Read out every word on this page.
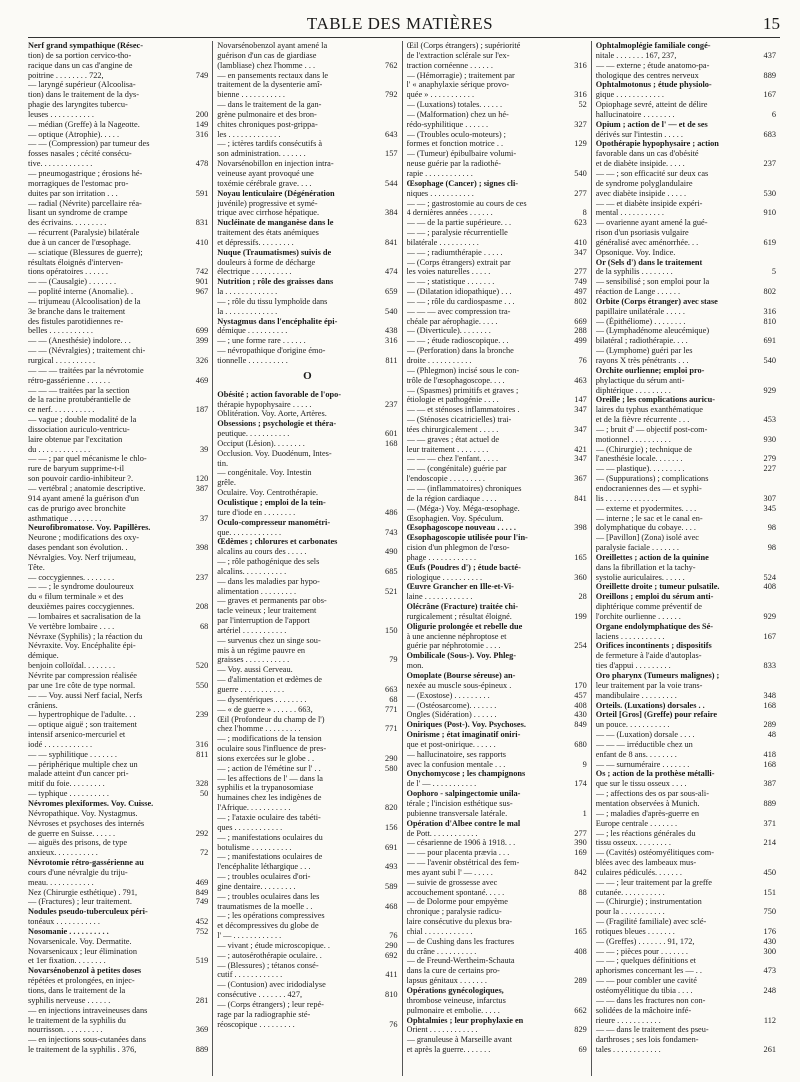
TABLE DES MATIÈRES	15
Nerf grand sympathique (Résec-
tion) de sa portion cervico-tho-
racique dans un cas d'angine de
poitrine . . . . . . . . 722,	749
— laryngé supérieur (Alcoolisa-
tion) dans le traitement de la dys-
phagie des laryngites tubercu-
leuses . . . . . . . . . . .	200
— médian (Greffe) à la Nageotte.	149
— optique (Atrophie). . . . .	316
— — (Compression) par tumeur des
fosses nasales ; cécité consécu-
tive. . . . . . . . . . . . .	478
— pneumogastrique ; érosions hé-
morragiques de l'estomac pro-
duites par son irritation . . .	591
— radial (Névrite) parcellaire réa-
lisant un syndrome de crampe
des écrivains. . . . . . . . .	831
— récurrent (Paralysie) bilatérale
due à un cancer de l'œsophage.	410
— sciatique (Blessures de guerre);
résultats éloignés d'interven-
tions opératoires . . . . . .	742
— — (Causalgie) . . . . . . .	901
— poplité interne (Anomalie). .	967
— trijumeau (Alcoolisation) de la
3e branche dans le traitement
des fistules parotidiennes re-
belles . . . . . . . . . . .	699
— — (Anesthésie) indolore. . .	399
— — (Névralgies) ; traitement chi-
rurgical . . . . . . . . . .	326
— — — traitées par la névrotomie
rétro-gassérienne . . . . . .	469
— — — traitées par la section
de la racine protubérantielle de
ce nerf. . . . . . . . . . .	187
— vague ; double modalité de la
dissociation auriculo-ventricu-
laire obtenue par l'excitation
du . . . . . . . . . . . . .	39
— — ; par quel mécanisme le chlo-
rure de baryum supprime-t-il
son pouvoir cardio-inhibiteur ?.	120
— vertébral ; anatomie descriptive.	387
914 ayant amené la guérison d'un
cas de prurigo avec bronchite
asthmatique . . . . . . . .	37
Neurofibromatose. Voy. Papillères.
Neurone ; modifications des oxy-
dases pendant son évolution. .	398
Névralgies. Voy. Nerf trijumeau,
Tête.
— coccygiennes. . . . . . . .	237
— — ; le syndrome douloureux
du « filum terminale » et des
deuxièmes paires coccygiennes.	208
— lombaires et sacralisation de la
Ve vertèbre lombaire . . . .	68
Névraxe (Syphilis) ; la réaction du
Névraxite. Voy. Encéphalite épi-
démique.
benjoin colloïdal. . . . . . . .	520
Névrite par compression réalisée
par une 1re côte de type normal.	550
— — Voy. aussi Nerf facial, Nerfs
crâniens.
— hypertrophique de l'adulte. . .	239
— optique aiguë ; son traitement
intensif arsenico-mercuriel et
iodé . . . . . . . . . . . .	316
— — syphilitique . . . . . . .	811
— périphérique multiple chez un
malade atteint d'un cancer pri-
mitif du foie. . . . . . . . .	328
— typhique . . . . . . . . . .	50
Névromes plexiformes. Voy. Cuisse.
Névropathique. Voy. Nystagmus.
Névroses et psychoses des internés
de guerre en Suisse. . . . . .	292
— aiguës des prisons, de type
anxieux. . . . . . . . . . .	72
Névrotomie rétro-gassérienne au
cours d'une névralgie du triju-
meau. . . . . . . . . . . .	469
Nez (Chirurgie esthétique) . 791,	849
— (Fractures) ; leur traitement.	749
Nodules pseudo-tuberculeux péri-
tonéaux . . . . . . . . . . .	452
Nosomanie . . . . . . . . . .	752
Novarsenicale. Voy. Dermatite.
Novarsenicaux ; leur élimination
et 1er fixation. . . . . . . .	519
Novarsénobenzol à petites doses
répétées et prolongées, en injec-
tions, dans le traitement de la
syphilis nerveuse . . . . . .	281
— en injections intraveineuses dans
le traitement de la syphilis du
nourrisson. . . . . . . . . .	369
— en injections sous-cutanées dans
le traitement de la syphilis . 376,	889
Novarsénobenzol ayant amené la
guérison d'un cas de giardiase
(lambliase) chez l'homme . . .	762
— en pansements rectaux dans le
traitement de la dysenterie amî-
bienne . . . . . . . . . . .	792
— dans le traitement de la gan-
grène pulmonaire et des bron-
chites chroniques post-grippa-
les . . . . . . . . . . . . .	643
— ; ictères tardifs consécutifs à
son administration. . . . . . .	157
Novarsénobillon en injection intra-
veineuse ayant provoqué une
toxémie cérébrale grave. . . .	544
Noyau lenticulaire (Dégénération
juvénile) progressive et symé-
trique avec cirrhose hépatique.	384
Nucléinate de manganèse dans le
traitement des états anémiques
et dépressifs. . . . . . . . .	841
Nuque (Traumatismes) suivis de
douleurs à forme de décharge
électrique . . . . . . . . . .	474
Nutrition ; rôle des graisses dans
la . . . . . . . . . . . . .	659
— ; rôle du tissu lymphoïde dans
la . . . . . . . . . . . . .	540
Nystagmus dans l'encéphalite épi-
démique . . . . . . . . . .	438
— ; une forme rare . . . . . .	316
— névropathique d'origine émo-
tionnelle . . . . . . . . . .	811
O
Obésité ; action favorable de l'opo-
thérapie hypophysaire . . . . .	237
Oblitération. Voy. Aorte, Artères.
Obsessions ; psychologie et théra-
peutique. . . . . . . . . . .	601
Occiput (Lésion). . . . . . . .	168
Occlusion. Voy. Duodénum, Intes-
tin.
— congénitale. Voy. Intestin
grêle.
Oculaire. Voy. Centrothérapie.
Oculistique ; emploi de la tein-
ture d'iode en . . . . . . . .	486
Oculo-compresseur manométri-
que. . . . . . . . . . . . .	743
Œdèmes ; chlorures et carbonates
alcalins au cours des . . . . .	490
— ; rôle pathogénique des sels
alcalins. . . . . . . . . . .	685
— dans les maladies par hypo-
alimentation . . . . . . . . .	521
— graves et permanents par obs-
tacle veineux ; leur traitement
par l'interruption de l'apport
artériel . . . . . . . . . . .	150
— survenus chez un singe sou-
mis à un régime pauvre en
graisses . . . . . . . . . . .	79
— Voy. aussi Cerveau.
— d'alimentation et œdèmes de
guerre . . . . . . . . . . .	663
— dysentériques . . . . . . . .	68
— « de guerre » . . . . . . 663,	771
Œil (Profondeur du champ de l')
chez l'homme . . . . . . . . .	771
— ; modifications de la tension
oculaire sous l'influence de pres-
sions exercées sur le globe . .	290
— ; action de l'émétine sur l' . .	580
— les affections de l' — dans la
syphilis et la trypanosomiase
humaines chez les indigènes de
l'Afrique. . . . . . . . . . .	820
— ; l'ataxie oculaire des tabéti-
ques . . . . . . . . . . . .	156
— ; manifestations oculaires du
botulisme . . . . . . . . . .	691
— ; manifestations oculaires de
l'encéphalite léthargique . . .	493
— ; troubles oculaires d'ori-
gine dentaire. . . . . . . . .	589
— ; troubles oculaires dans les
traumatismes de la moelle . .	468
— ; les opérations compressives
et décompressives du globe de
l' — . . . . . . . . . . . .	76
— vivant ; étude microscopique. .	290
— ; autosérothérapie oculaire. .	692
— (Blessures) ; tétanos consé-
cutif . . . . . . . . . . . .	411
— (Contusion) avec iridodialyse
consécutive . . . . . . . 427,	810
— (Corps étrangers) ; leur repé-
rage par la radiographie sté-
réoscopique . . . . . . . . .	76
Œil (Corps étrangers) ; supériorité
de l'extraction sclérale sur l'ex-
traction cornéenne . . . . . .	316
— (Hémorragie) ; traitement par
l' « anaphylaxie sérique provo-
quée » . . . . . . . . . . .	316
— (Luxations) totales. . . . . .	52
— (Malformation) chez un hé-
rédo-syphilitique . . . . . .	327
— (Troubles oculo-moteurs) ;
formes et fonction motrice . .	129
— (Tumeur) épibulbaire volumi-
neuse guérie par la radiothé-
rapie . . . . . . . . . . . .	540
Œsophage (Cancer) ; signes cli-
niques . . . . . . . . . . .	277
— — ; gastrostomie au cours de ces
4 dernières années . . . . . .	8
— — de la partie supérieure. . .	623
— — ; paralysie récurrentielle
bilatérale . . . . . . . . . .	410
— — ; radiumthérapie . . . . .	347
— (Corps étrangers) extrait par
les voies naturelles . . . . .	277
— — ; statistique . . . . . . .	749
— (Dilatation idiopathique) . . .	497
— — ; rôle du cardiospasme . . .	802
— — — avec compression tra-
chéale par aérophagie. . . . .	669
— (Diverticule). . . . . . . .	288
— — ; étude radioscopique. . .	499
— (Perforation) dans la bronche
droite . . . . . . . . . . .	76
— (Phlegmon) incisé sous le con-
trôle de l'œsophagoscope. . . .	463
— (Spasmes) primitifs et graves ;
étiologie et pathogénie . . . .	147
— — et sténoses inflammatoires .	347
— (Sténoses cicatricielles) trai-
tées chirurgicalement . . . . .	347
— — graves ; état actuel de
leur traitement . . . . . . . .	421
— — — chez l'enfant. . . . .	347
— — (congénitale) guérie par
l'endoscopie . . . . . . . . .	367
— — (inflammatoires) chroniques
de la région cardiaque . . . .	841
— (Méga-) Voy. Méga-œsophage.
Œsophagien. Voy. Spéculum.
Œsophagoscope nouveau . . . . .	398
Œsophagoscopie utilisée pour l'in-
cision d'un phlegmon de l'œso-
phage . . . . . . . . . . . .	165
Œufs (Poudres d') ; étude bacté-
riologique . . . . . . . . . .	360
Œuvre Grancher en Ille-et-Vi-
laine . . . . . . . . . . . .	28
Olécrâne (Fracture) traitée chi-
rurgicalement ; résultat éloigné.	199
Oligurie prolongée et rebelle due
à une ancienne néphroptose et
guérie par néphrotomie . . . .	254
Ombilicale (Sous-). Voy. Phleg-
mon.
Omoplate (Bourse séreuse) an-
nexée au muscle sous-épineux .	170
— (Exostose) . . . . . . . . .	457
— (Ostéosarcome). . . . . . .	408
Ongles (Sidération) . . . . . .	430
Oniriques (Post-). Voy. Psychoses.	849
Onirisme ; état imaginatif oniri-
que et post-onirique. . . . . .	680
— hallucinatoire, ses rapports
avec la confusion mentale . . .	9
Onychomycose ; les champignons
de l' — . . . . . . . . . . .	174
Oophoro - salpingectomie unila-
térale ; l'incision esthétique sus-
pubienne transversale latérale.	1
Opération d'Albee contre le mal
de Pott. . . . . . . . . . . .	277
— césarienne de 1906 à 1918. . .	390
— — pour placenta prævia . . .	169
— — l'avenir obstétrical des fem-
mes ayant subi l' — . . . . .	842
— suivie de grossesse avec
accouchement spontané. . . . .	88
— de Dolorme pour empyème
chronique ; paralysie radicu-
laire consécutive du plexus bra-
chial . . . . . . . . . . . .	165
— de Cushing dans les fractures
du crâne . . . . . . . . . .	408
— de Freund-Wertheim-Schauta
dans la cure de certains pro-
lapsus génitaux . . . . . . .	289
Opérations gynécologiques,
thrombose veineuse, infarctus
pulmonaire et embolie. . . . .	662
Ophtalmies ; leur prophylaxie en
Orient . . . . . . . . . . . .	829
— granuleuse à Marseille avant
et après la guerre. . . . . . .	69
Ophtalmoplégie familiale congé-
nitale . . . . . . . 167, 237,	437
— — externe ; étude anatomo-pa-
thologique des centres nerveux	889
Ophtalmotonus ; étude physiolo-
gique . . . . . . . . . . . .	167
Opiophage sevré, atteint de délire
hallucinatoire . . . . . . . .	6
Opium ; action de l' — et de ses
dérivés sur l'intestin . . . . .	683
Opothérapie hypophysaire ; action
favorable dans un cas d'obésité
et de diabète insipide. . . . .	237
— — ; son efficacité sur deux cas
de syndrome polyglandulaire
avec diabète insipide . . . . .	530
— — et diabète insipide expéri-
mental . . . . . . . . . . .	910
— ovarienne ayant amené la gué-
rison d'un psoriasis vulgaire
généralisé avec aménorrhée. . .	619
Opsonique. Voy. Indice.
Or (Sels d') dans le traitement
de la syphilis . . . . . . . .	5
— sensibilisé ; son emploi pour la
réaction de Lange . . . . . .	802
Orbite (Corps étranger) avec stase
papillaire unilatérale . . . . .	316
— (Épithéliome) . . . . . . . .	810
— (Lymphadénome aleucémique)
bilatéral ; radiothérapie. . . .	691
— (Lymphome) guéri par les
rayons X très pénétrants . . .	540
Orchite ourlienne; emploi pro-
phylactique du sérum anti-
diphtérique . . . . . . . . .	929
Oreille ; les complications auricu-
laires du typhus exanthématique
et de la fièvre récurrente . . .	453
— ; bruit d' — objectif post-com-
motionnel . . . . . . . . . .	930
— (Chirurgie) ; technique de
l'anesthésie locale. . . . . . .	279
— — plastique). . . . . . . . .	227
— (Suppurations) ; complications
endocraniennes des — et syphi-
lis . . . . . . . . . . . . .	307
— externe et pyodermites. . . .	345
— interne ; le sac et le canal en-
dolymphatique du cobaye. . . .	98
— [Pavillon] (Zona) isolé avec
paralysie faciale . . . . . . .	98
Oreillettes ; action de la quinine
dans la fibrillation et la tachy-
systolie auriculaires. . . . . .	524
Oreillette droite ; tumeur pulsatile.	408
Oreillons ; emploi du sérum anti-
diphtérique comme préventif de
l'orchite ourlienne . . . . . .	929
Organe endolymphatique des Sé-
laciens . . . . . . . . . . .	167
Orifices incontinents ; dispositifs
de fermeture à l'aide d'autoplas-
ties d'appui . . . . . . . . .	833
Oro pharynx (Tumeurs malignes) ;
leur traitement par la voie trans-
mandibulaire . . . . . . . . .	348
Orteils. (Luxations) dorsales . .	168
Orteil [Gros] (Greffe) pour refaire
un pouce. . . . . . . . . . .	289
— — (Luxation) dorsale . . . .	48
— — — irréductible chez un
enfant de 8 ans. . . . . . . .	418
— — surnuméraire . . . . . . .	168
Os ; action de la prothèse métalli-
que sur le tissu osseux . . . .	387
— ; affections des os par sous-ali-
mentation observées à Munich.	889
— ; maladies d'après-guerre en
Europe centrale . . . . . . .	371
— ; les réactions générales du
tissu osseux. . . . . . . . .	214
— (Cavités) ostéomyélitiques com-
blées avec des lambeaux mus-
culaires pédiculés. . . . . . .	450
— — ; leur traitement par la greffe
cutanée. . . . . . . . . . .	151
— (Chirurgie) ; instrumentation
pour la . . . . . . . . . . .	750
— (Fragilité familiale) avec sclé-
rotiques bleues . . . . . . .	176
— (Greffes) . . . . . . . 91, 172,	430
— — ; pièces pour . . . . . . .	300
— — ; quelques définitions et
aphorismes concernant les — . .	473
— — pour combler une cavité
ostéomyélitique du tibia . . . .	248
— — dans les fractures non con-
solidées de la mâchoire infé-
rieure . . . . . . . . . . .	112
— — dans le traitement des pseu-
darthroses ; ses lois fondamen-
tales . . . . . . . . . . . .	261
